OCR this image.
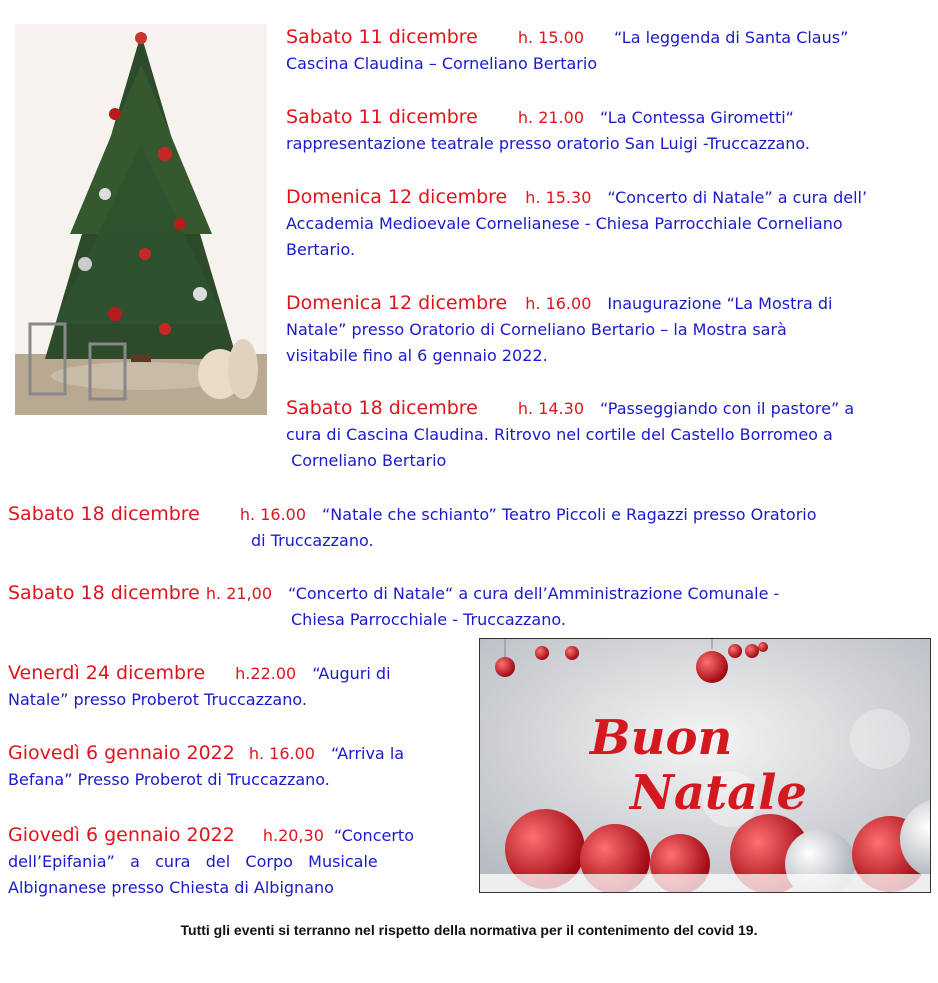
Sabato 11 dicembre	h. 15.00 “La leggenda di Santa Claus”
Cascina Claudina – Corneliano Bertario
Sabato 11 dicembre	h. 21.00 “La Contessa Girometti“
rappresentazione teatrale presso oratorio San Luigi -Truccazzano.
Domenica 12 dicembre h. 15.30 “Concerto di Natale” a cura dell’
Accademia Medioevale Cornelianese - Chiesa Parrocchiale Corneliano
Bertario.
Domenica 12 dicembre h. 16.00 Inaugurazione “La Mostra di
Natale” presso Oratorio di Corneliano Bertario – la Mostra sarà
visitabile fino al 6 gennaio 2022.
Sabato 18 dicembre	h. 14.30 “Passeggiando con il pastore” a
cura di Cascina Claudina. Ritrovo nel cortile del Castello Borromeo a
Corneliano Bertario
Sabato 18 dicembre	h. 16.00 “Natale che schianto” Teatro Piccoli e Ragazzi presso Oratorio
di Truccazzano.
Sabato 18 dicembre h. 21,00 “Concerto di Natale“ a cura dell’Amministrazione Comunale -
Chiesa Parrocchiale - Truccazzano.
Venerdì 24 dicembre h.22.00 “Auguri di
Natale” presso Proberot Truccazzano.
Giovedì 6 gennaio 2022 h. 16.00 “Arriva la
Befana” Presso Proberot di Truccazzano.
Giovedì 6 gennaio 2022 h.20,30 “Concerto
dell’Epifania”   a   cura   del   Corpo   Musicale
Albignanese presso Chiesta di Albignano
Buon
Natale
Tutti gli eventi si terranno nel rispetto della normativa per il contenimento del covid 19.
